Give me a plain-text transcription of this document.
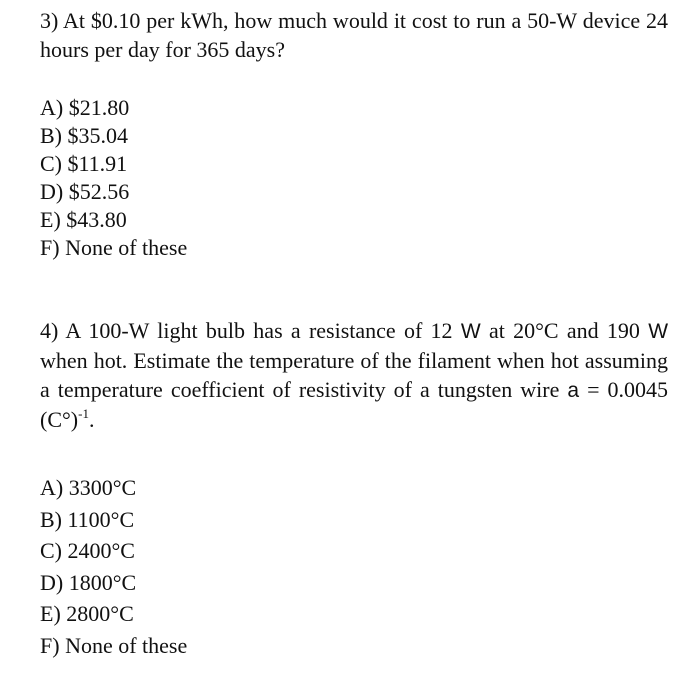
3) At $0.10 per kWh, how much would it cost to run a 50-W device 24 hours per day for 365 days?

A) $21.80
B) $35.04
C) $11.91
D) $52.56
E) $43.80
F) None of these

4) A 100-W light bulb has a resistance of 12 W at 20°C and 190 W when hot. Estimate the temperature of the filament when hot assuming a temperature coefficient of resistivity of a tungsten wire a = 0.0045 $(C^\circ)^{-1}$.

A) 3300°C
B) 1100°C
C) 2400°C
D) 1800°C
E) 2800°C
F) None of these
